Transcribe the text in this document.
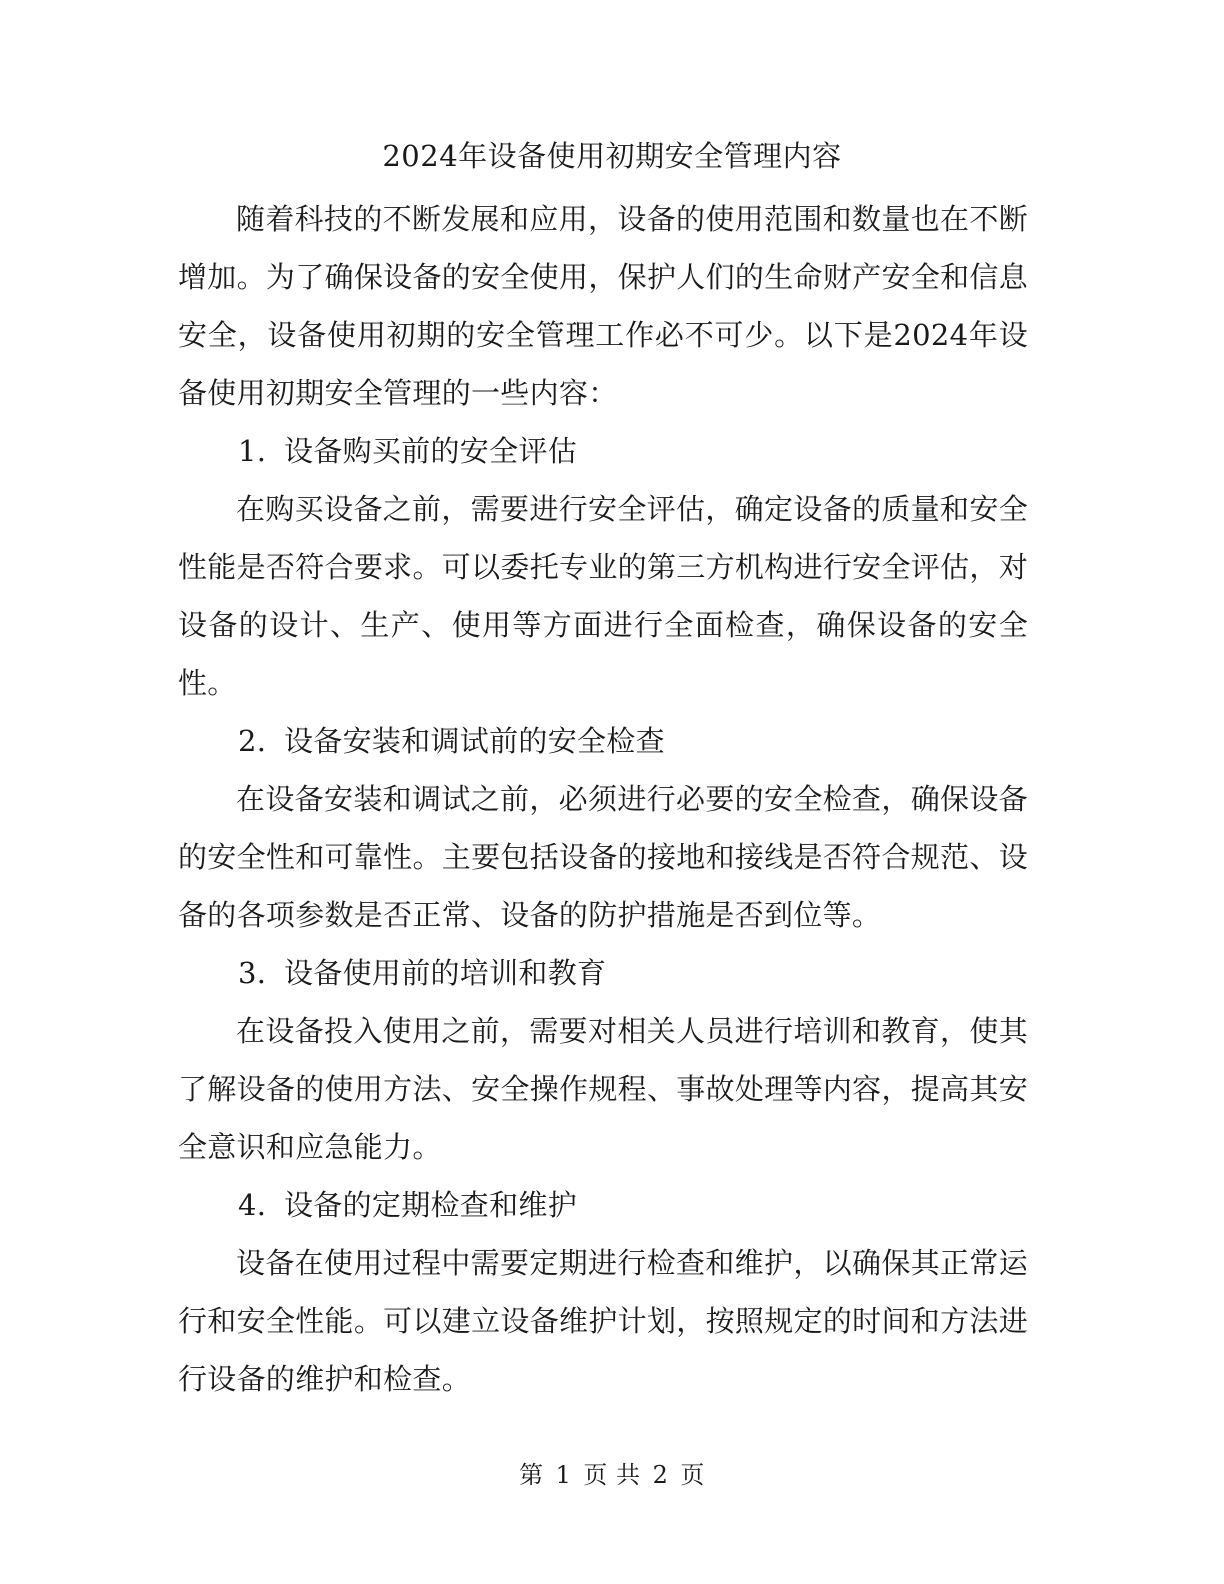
2024年设备使用初期安全管理内容

随着科技的不断发展和应用，设备的使用范围和数量也在不断增加。为了确保设备的安全使用，保护人们的生命财产安全和信息安全，设备使用初期的安全管理工作必不可少。以下是2024年设备使用初期安全管理的一些内容：

1. 设备购买前的安全评估

在购买设备之前，需要进行安全评估，确定设备的质量和安全性能是否符合要求。可以委托专业的第三方机构进行安全评估，对设备的设计、生产、使用等方面进行全面检查，确保设备的安全性。

2. 设备安装和调试前的安全检查

在设备安装和调试之前，必须进行必要的安全检查，确保设备的安全性和可靠性。主要包括设备的接地和接线是否符合规范、设备的各项参数是否正常、设备的防护措施是否到位等。

3. 设备使用前的培训和教育

在设备投入使用之前，需要对相关人员进行培训和教育，使其了解设备的使用方法、安全操作规程、事故处理等内容，提高其安全意识和应急能力。

4. 设备的定期检查和维护

设备在使用过程中需要定期进行检查和维护，以确保其正常运行和安全性能。可以建立设备维护计划，按照规定的时间和方法进行设备的维护和检查。

第 1 页 共 2 页
